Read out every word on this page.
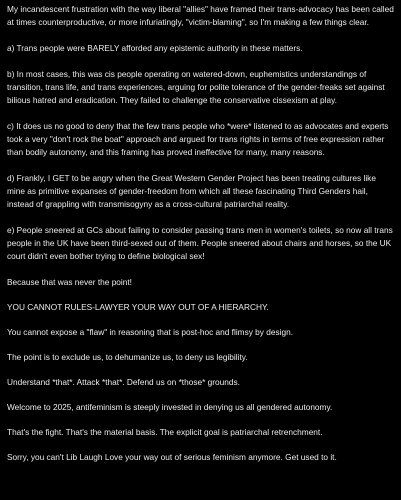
My incandescent frustration with the way liberal "allies" have framed their trans-advocacy has been called at times counterproductive, or more infuriatingly, "victim-blaming", so I'm making a few things clear.

a) Trans people were BARELY afforded any epistemic authority in these matters.

b) In most cases, this was cis people operating on watered-down, euphemistics understandings of transition, trans life, and trans experiences, arguing for polite tolerance of the gender-freaks set against bilious hatred and eradication. They failed to challenge the conservative cissexism at play.

c) It does us no good to deny that the few trans people who *were* listened to as advocates and experts took a very "don't rock the boat" approach and argued for trans rights in terms of free expression rather than bodily autonomy, and this framing has proved ineffective for many, many reasons.

d) Frankly, I GET to be angry when the Great Western Gender Project has been treating cultures like mine as primitive expanses of gender-freedom from which all these fascinating Third Genders hail, instead of grappling with transmisogyny as a cross-cultural patriarchal reality.

e) People sneered at GCs about failing to consider passing trans men in women's toilets, so now all trans people in the UK have been third-sexed out of them. People sneered about chairs and horses, so the UK court didn't even bother trying to define biological sex!

Because that was never the point!

YOU CANNOT RULES-LAWYER YOUR WAY OUT OF A HIERARCHY.

You cannot expose a "flaw" in reasoning that is post-hoc and flimsy by design.

The point is to exclude us, to dehumanize us, to deny us legibility.

Understand *that*. Attack *that*. Defend us on *those* grounds.

Welcome to 2025, antifeminism is steeply invested in denying us all gendered autonomy.

That's the fight. That's the material basis. The explicit goal is patriarchal retrenchment.

Sorry, you can't Lib Laugh Love your way out of serious feminism anymore. Get used to it.
